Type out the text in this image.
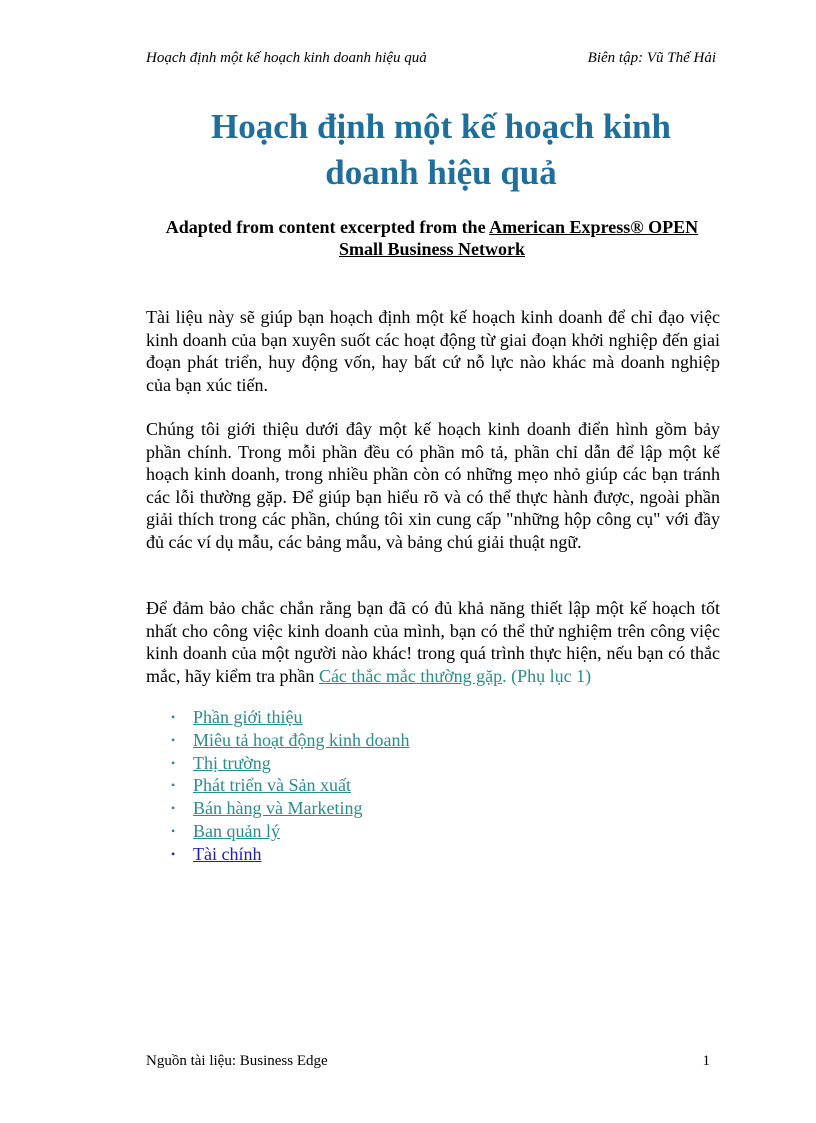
Hoạch định một kế hoạch kinh doanh hiệu quả	Biên tập: Vũ Thế Hải
Hoạch định một kế hoạch kinh
doanh hiệu quả
Adapted from content excerpted from the American Express® OPEN
Small Business Network

Tài liệu này sẽ giúp bạn hoạch định một kế hoạch kinh doanh để chỉ đạo việc kinh doanh của bạn xuyên suốt các hoạt động từ giai đoạn khởi nghiệp đến giai đoạn phát triển, huy động vốn, hay bất cứ nỗ lực nào khác mà doanh nghiệp của bạn xúc tiến.

Chúng tôi giới thiệu dưới đây một kế hoạch kinh doanh điển hình gồm bảy phần chính. Trong mỗi phần đều có phần mô tả, phần chỉ dẫn để lập một kế hoạch kinh doanh, trong nhiều phần còn có những mẹo nhỏ giúp các bạn tránh các lỗi thường gặp. Để giúp bạn hiểu rõ và có thể thực hành được, ngoài phần giải thích trong các phần, chúng tôi xin cung cấp "những hộp công cụ" với đầy đủ các ví dụ mẫu, các bảng mẫu, và bảng chú giải thuật ngữ.

Để đảm bảo chắc chắn rằng bạn đã có đủ khả năng thiết lập một kế hoạch tốt nhất cho công việc kinh doanh của mình, bạn có thể thử nghiệm trên công việc kinh doanh của một người nào khác! trong quá trình thực hiện, nếu bạn có thắc mắc, hãy kiểm tra phần Các thắc mắc thường gặp. (Phụ lục 1)

• Phần giới thiệu
• Miêu tả hoạt động kinh doanh
• Thị trường
• Phát triển và Sản xuất
• Bán hàng và Marketing
• Ban quản lý
• Tài chính
Nguồn tài liệu: Business Edge	1
